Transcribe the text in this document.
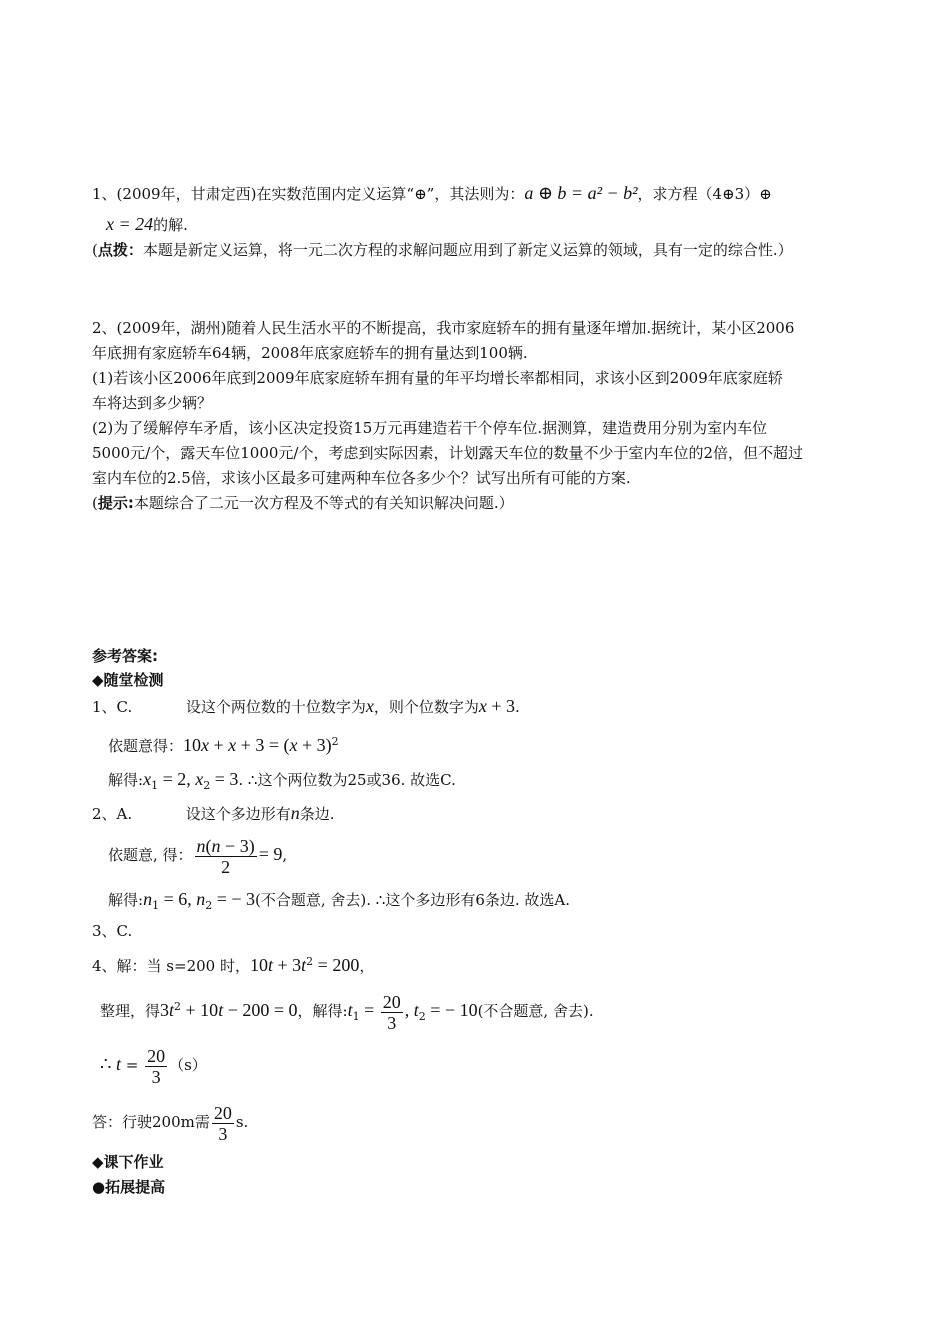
1、(2009年，甘肃定西)在实数范围内定义运算“⊕”，其法则为：a ⊕ b = a² − b²，求方程（4⊕3）⊕
x = 24的解.
(点拨：本题是新定义运算，将一元二次方程的求解问题应用到了新定义运算的领域，具有一定的综合性.）
2、(2009年，湖州)随着人民生活水平的不断提高，我市家庭轿车的拥有量逐年增加.据统计，某小区2006
年底拥有家庭轿车64辆，2008年底家庭轿车的拥有量达到100辆.
(1)若该小区2006年底到2009年底家庭轿车拥有量的年平均增长率都相同，求该小区到2009年底家庭轿
车将达到多少辆？
(2)为了缓解停车矛盾，该小区决定投资15万元再建造若干个停车位.据测算，建造费用分别为室内车位
5000元/个，露天车位1000元/个，考虑到实际因素，计划露天车位的数量不少于室内车位的2倍，但不超过
室内车位的2.5倍，求该小区最多可建两种车位各多少个？试写出所有可能的方案.
(提示:本题综合了二元一次方程及不等式的有关知识解决问题.）
参考答案:
◆随堂检测
1、C.	设这个两位数的十位数字为x，则个位数字为x + 3.
依题意得：$10x + x + 3 = (x + 3)^2$
解得$:x_1 = 2$, $x_2 = 3$. ∴这个两位数为25或36. 故选C.
2、A.	设这个多边形有n条边.
依题意, 得： $\frac{n(n - 3)}{2} = 9$,
解得$:n_1 = 6$, $n_2$ = − 3(不合题意, 舍去). ∴这个多边形有6条边. 故选A.
3、C.
4、解：当 s=200 时，$10t + 3t^2 = 200$，
整理，得$3t^2 + 10t - 200 = 0$，解得$:t_1 = \frac{20}{3}$ , $t_2$ = − 10(不合题意, 舍去).
∴ $t = \frac{20}{3} (s)$
答：行驶200m需 $\frac{20}{3} s$.
◆课下作业
●拓展提高
